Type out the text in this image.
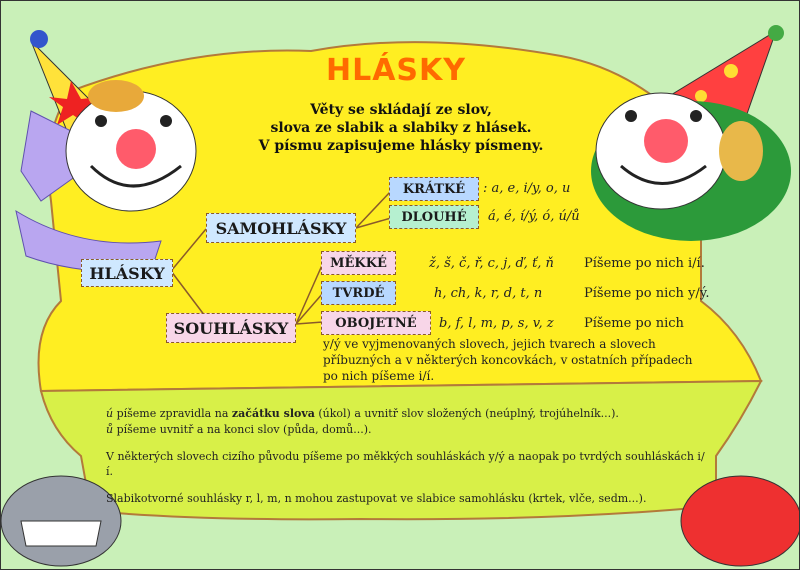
HLÁSKY
Věty se skládají ze slov,
slova ze slabik a slabiky z hlásek.
V písmu zapisujeme hlásky písmeny.
HLÁSKY
SAMOHLÁSKY
SOUHLÁSKY
KRÁTKÉ
DLOUHÉ
MĚKKÉ
TVRDÉ
OBOJETNÉ
: a, e, i/y, o, u
á, é, í/ý, ó, ú/ů
ž, š, č, ř, c, j, ď, ť, ň
h, ch, k, r, d, t, n
b, f, l, m, p, s, v, z
Píšeme po nich i/í.
Píšeme po nich y/ý.
Píšeme po nich
y/ý ve vyjmenovaných slovech, jejich tvarech a slovech
příbuzných a v některých koncovkách, v ostatních případech
po nich píšeme i/í.
ú píšeme zpravidla na začátku slova (úkol) a uvnitř slov složených (neúplný, trojúhelník...).
ů píšeme uvnitř a na konci slov (půda, domů...).
V některých slovech cizího původu píšeme po měkkých souhláskách y/ý a naopak po tvrdých souhláskách i/í.
Slabikotvorné souhlásky r, l, m, n mohou zastupovat ve slabice samohlásku (krtek, vlče, sedm...).
